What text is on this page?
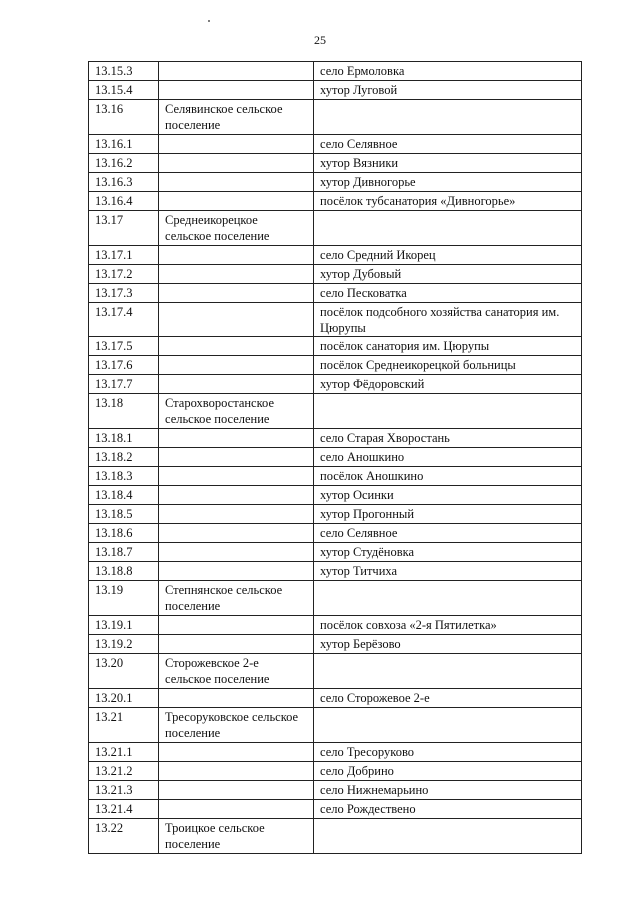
25
13.15.3		село Ермоловка
13.15.4		хутор Луговой
13.16	Селявинское сельское поселение	
13.16.1		село Селявное
13.16.2		хутор Вязники
13.16.3		хутор Дивногорье
13.16.4		посёлок тубсанатория «Дивногорье»
13.17	Среднеикорецкое сельское поселение	
13.17.1		село Средний Икорец
13.17.2		хутор Дубовый
13.17.3		село Песковатка
13.17.4		посёлок подсобного хозяйства санатория им. Цюрупы
13.17.5		посёлок санатория им. Цюрупы
13.17.6		посёлок Среднеикорецкой больницы
13.17.7		хутор Фёдоровский
13.18	Старохворостанское сельское поселение	
13.18.1		село Старая Хворостань
13.18.2		село Аношкино
13.18.3		посёлок Аношкино
13.18.4		хутор Осинки
13.18.5		хутор Прогонный
13.18.6		село Селявное
13.18.7		хутор Студёновка
13.18.8		хутор Титчиха
13.19	Степнянское сельское поселение	
13.19.1		посёлок совхоза «2-я Пятилетка»
13.19.2		хутор Берёзово
13.20	Сторожевское 2-е сельское поселение	
13.20.1		село Сторожевое 2-е
13.21	Тресоруковское сельское поселение	
13.21.1		село Тресоруково
13.21.2		село Добрино
13.21.3		село Нижнемарьино
13.21.4		село Рождествено
13.22	Троицкое сельское поселение	
